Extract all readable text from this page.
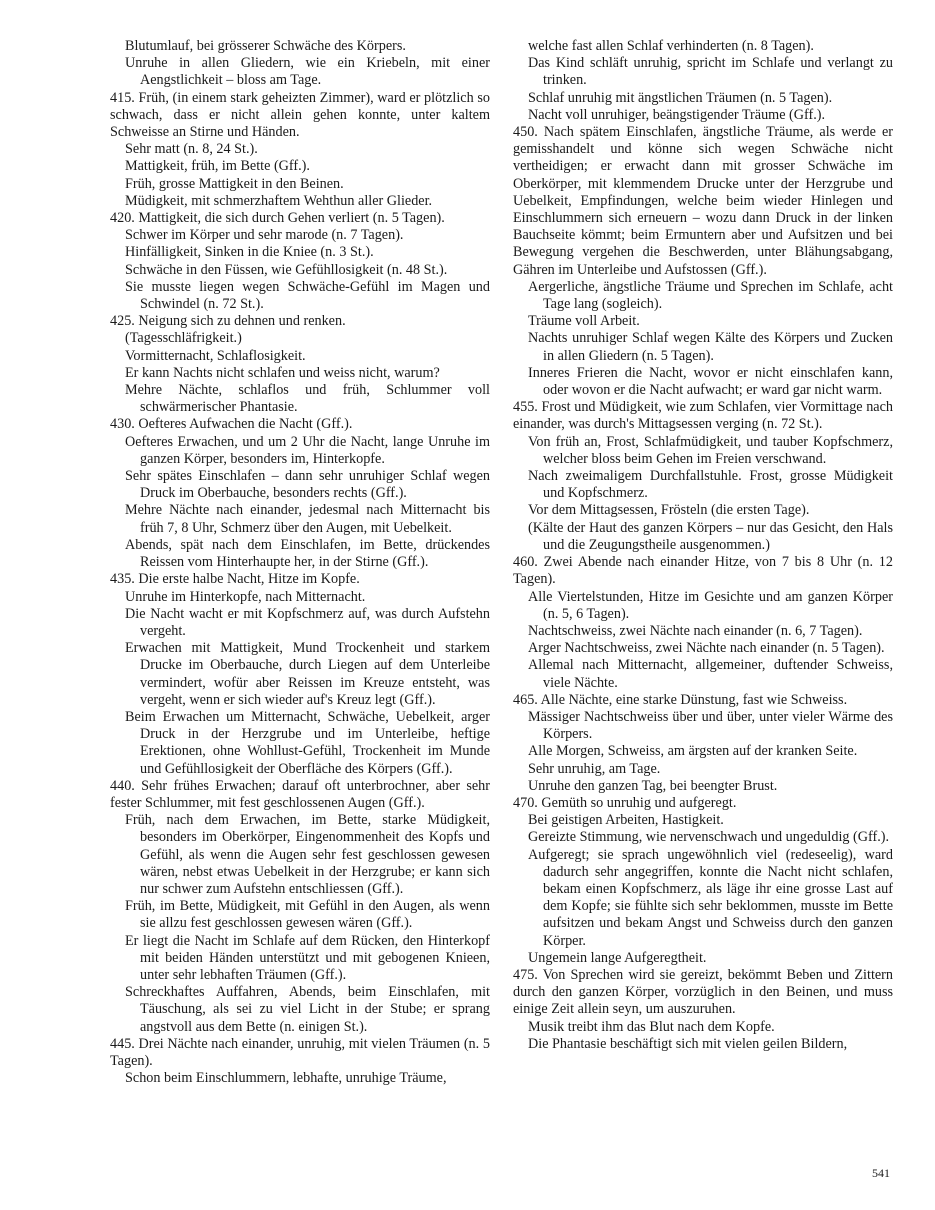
Blutumlauf, bei grösserer Schwäche des Körpers.

Unruhe in allen Gliedern, wie ein Kriebeln, mit einer Aengstlichkeit – bloss am Tage.

415. Früh, (in einem stark geheizten Zimmer), ward er plötzlich so schwach, dass er nicht allein gehen konnte, unter kaltem Schweisse an Stirne und Händen.

Sehr matt (n. 8, 24 St.).

Mattigkeit, früh, im Bette (Gff.).

Früh, grosse Mattigkeit in den Beinen.

Müdigkeit, mit schmerzhaftem Wehthun aller Glieder.

420. Mattigkeit, die sich durch Gehen verliert (n. 5 Tagen).

Schwer im Körper und sehr marode (n. 7 Tagen).

Hinfälligkeit, Sinken in die Kniee (n. 3 St.).

Schwäche in den Füssen, wie Gefühllosigkeit (n. 48 St.).

Sie musste liegen wegen Schwäche-Gefühl im Magen und Schwindel (n. 72 St.).

425. Neigung sich zu dehnen und renken.

(Tagesschläfrigkeit.)

Vormitternacht, Schlaflosigkeit.

Er kann Nachts nicht schlafen und weiss nicht, warum?

Mehre Nächte, schlaflos und früh, Schlummer voll schwärmerischer Phantasie.

430. Oefteres Aufwachen die Nacht (Gff.).

Oefteres Erwachen, und um 2 Uhr die Nacht, lange Unruhe im ganzen Körper, besonders im, Hinterkopfe.

Sehr spätes Einschlafen – dann sehr unruhiger Schlaf wegen Druck im Oberbauche, besonders rechts (Gff.).

Mehre Nächte nach einander, jedesmal nach Mitternacht bis früh 7, 8 Uhr, Schmerz über den Augen, mit Uebelkeit.

Abends, spät nach dem Einschlafen, im Bette, drückendes Reissen vom Hinterhaupte her, in der Stirne (Gff.).

435. Die erste halbe Nacht, Hitze im Kopfe.

Unruhe im Hinterkopfe, nach Mitternacht.

Die Nacht wacht er mit Kopfschmerz auf, was durch Aufstehn vergeht.

Erwachen mit Mattigkeit, Mund Trockenheit und starkem Drucke im Oberbauche, durch Liegen auf dem Unterleibe vermindert, wofür aber Reissen im Kreuze entsteht, was vergeht, wenn er sich wieder auf's Kreuz legt (Gff.).

Beim Erwachen um Mitternacht, Schwäche, Uebelkeit, arger Druck in der Herzgrube und im Unterleibe, heftige Erektionen, ohne Wohllust-Gefühl, Trockenheit im Munde und Gefühllosigkeit der Oberfläche des Körpers (Gff.).

440. Sehr frühes Erwachen; darauf oft unterbrochner, aber sehr fester Schlummer, mit fest geschlossenen Augen (Gff.).

Früh, nach dem Erwachen, im Bette, starke Müdigkeit, besonders im Oberkörper, Eingenommenheit des Kopfs und Gefühl, als wenn die Augen sehr fest geschlossen gewesen wären, nebst etwas Uebelkeit in der Herzgrube; er kann sich nur schwer zum Aufstehn entschliessen (Gff.).

Früh, im Bette, Müdigkeit, mit Gefühl in den Augen, als wenn sie allzu fest geschlossen gewesen wären (Gff.).

Er liegt die Nacht im Schlafe auf dem Rücken, den Hinterkopf mit beiden Händen unterstützt und mit gebogenen Knieen, unter sehr lebhaften Träumen (Gff.).

Schreckhaftes Auffahren, Abends, beim Einschlafen, mit Täuschung, als sei zu viel Licht in der Stube; er sprang angstvoll aus dem Bette (n. einigen St.).

445. Drei Nächte nach einander, unruhig, mit vielen Träumen (n. 5 Tagen).

Schon beim Einschlummern, lebhafte, unruhige Träume,

welche fast allen Schlaf verhinderten (n. 8 Tagen).

Das Kind schläft unruhig, spricht im Schlafe und verlangt zu trinken.

Schlaf unruhig mit ängstlichen Träumen (n. 5 Tagen).

Nacht voll unruhiger, beängstigender Träume (Gff.).

450. Nach spätem Einschlafen, ängstliche Träume, als werde er gemisshandelt und könne sich wegen Schwäche nicht vertheidigen; er erwacht dann mit grosser Schwäche im Oberkörper, mit klemmendem Drucke unter der Herzgrube und Uebelkeit, Empfindungen, welche beim wieder Hinlegen und Einschlummern sich erneuern – wozu dann Druck in der linken Bauchseite kömmt; beim Ermuntern aber und Aufsitzen und bei Bewegung vergehen die Beschwerden, unter Blähungsabgang, Gähren im Unterleibe und Aufstossen (Gff.).

Aergerliche, ängstliche Träume und Sprechen im Schlafe, acht Tage lang (sogleich).

Träume voll Arbeit.

Nachts unruhiger Schlaf wegen Kälte des Körpers und Zucken in allen Gliedern (n. 5 Tagen).

Inneres Frieren die Nacht, wovor er nicht einschlafen kann, oder wovon er die Nacht aufwacht; er ward gar nicht warm.

455. Frost und Müdigkeit, wie zum Schlafen, vier Vormittage nach einander, was durch's Mittagsessen verging (n. 72 St.).

Von früh an, Frost, Schlafmüdigkeit, und tauber Kopfschmerz, welcher bloss beim Gehen im Freien verschwand.

Nach zweimaligem Durchfallstuhle. Frost, grosse Müdigkeit und Kopfschmerz.

Vor dem Mittagsessen, Frösteln (die ersten Tage).

(Kälte der Haut des ganzen Körpers – nur das Gesicht, den Hals und die Zeugungstheile ausgenommen.)

460. Zwei Abende nach einander Hitze, von 7 bis 8 Uhr (n. 12 Tagen).

Alle Viertelstunden, Hitze im Gesichte und am ganzen Körper (n. 5, 6 Tagen).

Nachtschweiss, zwei Nächte nach einander (n. 6, 7 Tagen).

Arger Nachtschweiss, zwei Nächte nach einander (n. 5 Tagen).

Allemal nach Mitternacht, allgemeiner, duftender Schweiss, viele Nächte.

465. Alle Nächte, eine starke Dünstung, fast wie Schweiss.

Mässiger Nachtschweiss über und über, unter vieler Wärme des Körpers.

Alle Morgen, Schweiss, am ärgsten auf der kranken Seite.

Sehr unruhig, am Tage.

Unruhe den ganzen Tag, bei beengter Brust.

470. Gemüth so unruhig und aufgeregt.

Bei geistigen Arbeiten, Hastigkeit.

Gereizte Stimmung, wie nervenschwach und ungeduldig (Gff.).

Aufgeregt; sie sprach ungewöhnlich viel (redeseelig), ward dadurch sehr angegriffen, konnte die Nacht nicht schlafen, bekam einen Kopfschmerz, als läge ihr eine grosse Last auf dem Kopfe; sie fühlte sich sehr beklommen, musste im Bette aufsitzen und bekam Angst und Schweiss durch den ganzen Körper.

Ungemein lange Aufgeregtheit.

475. Von Sprechen wird sie gereizt, bekömmt Beben und Zittern durch den ganzen Körper, vorzüglich in den Beinen, und muss einige Zeit allein seyn, um auszuruhen.

Musik treibt ihm das Blut nach dem Kopfe.

Die Phantasie beschäftigt sich mit vielen geilen Bildern,

541
